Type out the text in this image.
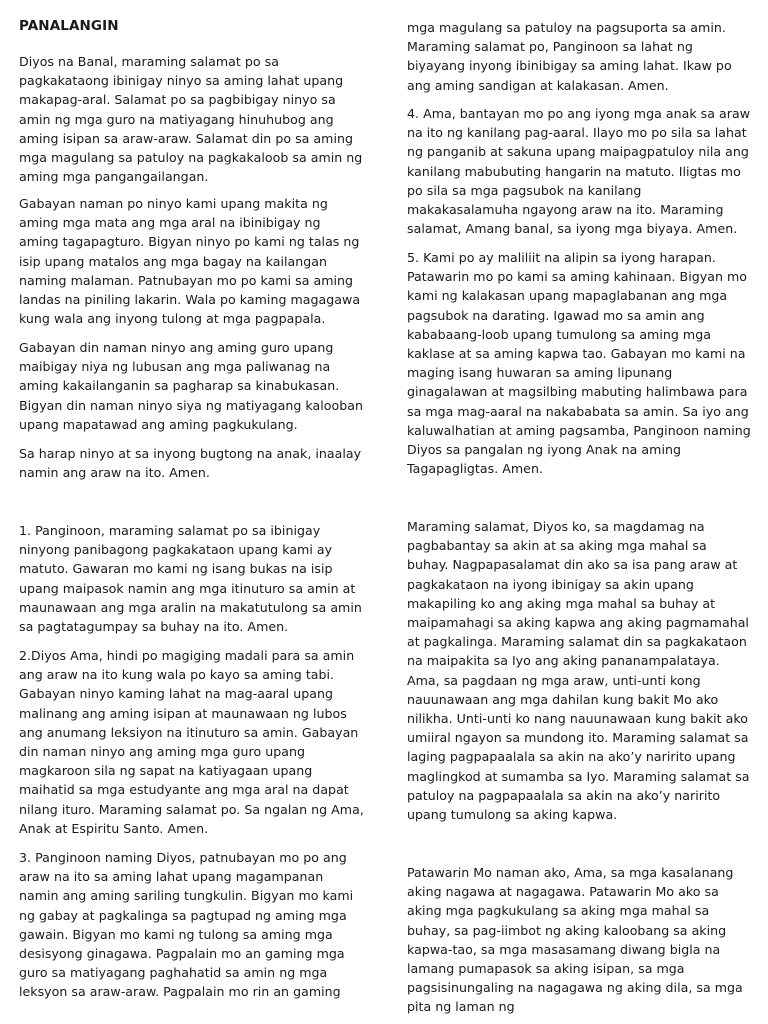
PANALANGIN

Diyos na Banal, maraming salamat po sa pagkakataong ibinigay ninyo sa aming lahat upang makapag-aral. Salamat po sa pagbibigay ninyo sa amin ng mga guro na matiyagang hinuhubog ang aming isipan sa araw-araw. Salamat din po sa aming mga magulang sa patuloy na pagkakaloob sa amin ng aming mga pangangailangan.

Gabayan naman po ninyo kami upang makita ng aming mga mata ang mga aral na ibinibigay ng aming tagapagturo. Bigyan ninyo po kami ng talas ng isip upang matalos ang mga bagay na kailangan naming malaman. Patnubayan mo po kami sa aming landas na piniling lakarin. Wala po kaming magagawa kung wala ang inyong tulong at mga pagpapala.

Gabayan din naman ninyo ang aming guro upang maibigay niya ng lubusan ang mga paliwanag na aming kakailanganin sa pagharap sa kinabukasan. Bigyan din naman ninyo siya ng matiyagang kalooban upang mapatawad ang aming pagkukulang.

Sa harap ninyo at sa inyong bugtong na anak, inaalay namin ang araw na ito. Amen.

1. Panginoon, maraming salamat po sa ibinigay ninyong panibagong pagkakataon upang kami ay matuto. Gawaran mo kami ng isang bukas na isip upang maipasok namin ang mga itinuturo sa amin at maunawaan ang mga aralin na makatutulong sa amin sa pagtatagumpay sa buhay na ito. Amen.

2.Diyos Ama, hindi po magiging madali para sa amin ang araw na ito kung wala po kayo sa aming tabi. Gabayan ninyo kaming lahat na mag-aaral upang malinang ang aming isipan at maunawaan ng lubos ang anumang leksiyon na itinuturo sa amin. Gabayan din naman ninyo ang aming mga guro upang magkaroon sila ng sapat na katiyagaan upang maihatid sa mga estudyante ang mga aral na dapat nilang ituro. Maraming salamat po. Sa ngalan ng Ama, Anak at Espiritu Santo. Amen.

3. Panginoon naming Diyos, patnubayan mo po ang araw na ito sa aming lahat upang magampanan namin ang aming sariling tungkulin. Bigyan mo kami ng gabay at pagkalinga sa pagtupad ng aming mga gawain. Bigyan mo kami ng tulong sa aming mga desisyong ginagawa. Pagpalain mo an gaming mga guro sa matiyagang paghahatid sa amin ng mga leksyon sa araw-araw. Pagpalain mo rin an gaming

mga magulang sa patuloy na pagsuporta sa amin. Maraming salamat po, Panginoon sa lahat ng biyayang inyong ibinibigay sa aming lahat. Ikaw po ang aming sandigan at kalakasan. Amen.

4. Ama, bantayan mo po ang iyong mga anak sa araw na ito ng kanilang pag-aaral. Ilayo mo po sila sa lahat ng panganib at sakuna upang maipagpatuloy nila ang kanilang mabubuting hangarin na matuto. Iligtas mo po sila sa mga pagsubok na kanilang makakasalamuha ngayong araw na ito. Maraming salamat, Amang banal, sa iyong mga biyaya. Amen.

5. Kami po ay maliliit na alipin sa iyong harapan. Patawarin mo po kami sa aming kahinaan. Bigyan mo kami ng kalakasan upang mapaglabanan ang mga pagsubok na darating. Igawad mo sa amin ang kababaang-loob upang tumulong sa aming mga kaklase at sa aming kapwa tao. Gabayan mo kami na maging isang huwaran sa aming lipunang ginagalawan at magsilbing mabuting halimbawa para sa mga mag-aaral na nakababata sa amin. Sa iyo ang kaluwalhatian at aming pagsamba, Panginoon naming Diyos sa pangalan ng iyong Anak na aming Tagapagligtas. Amen.

Maraming salamat, Diyos ko, sa magdamag na pagbabantay sa akin at sa aking mga mahal sa buhay. Nagpapasalamat din ako sa isa pang araw at pagkakataon na iyong ibinigay sa akin upang makapiling ko ang aking mga mahal sa buhay at maipamahagi sa aking kapwa ang aking pagmamahal at pagkalinga. Maraming salamat din sa pagkakataon na maipakita sa Iyo ang aking pananampalataya. Ama, sa pagdaan ng mga araw, unti-unti kong nauunawaan ang mga dahilan kung bakit Mo ako nilikha. Unti-unti ko nang nauunawaan kung bakit ako umiiral ngayon sa mundong ito. Maraming salamat sa laging pagpapaalala sa akin na ako’y naririto upang maglingkod at sumamba sa Iyo. Maraming salamat sa patuloy na pagpapaalala sa akin na ako’y naririto upang tumulong sa aking kapwa.

Patawarin Mo naman ako, Ama, sa mga kasalanang aking nagawa at nagagawa. Patawarin Mo ako sa aking mga pagkukulang sa aking mga mahal sa buhay, sa pag-iimbot ng aking kaloobang sa aking kapwa-tao, sa mga masasamang diwang bigla na lamang pumapasok sa aking isipan, sa mga pagsisinungaling na nagagawa ng aking dila, sa mga pita ng laman ng
